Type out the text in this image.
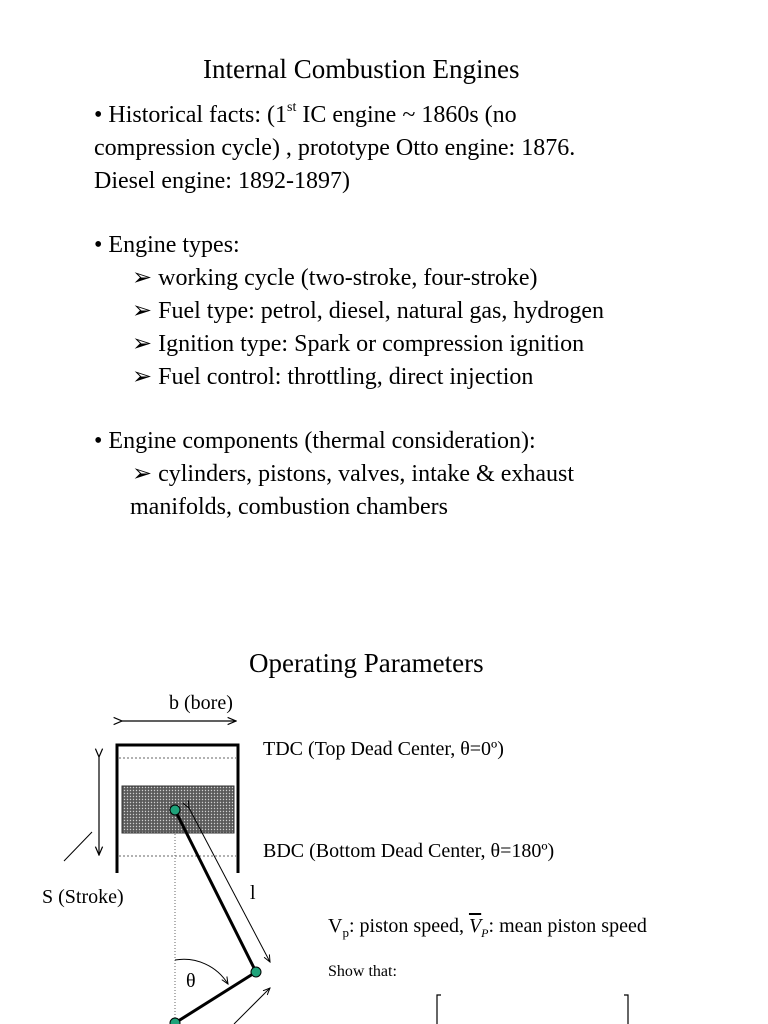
Internal Combustion Engines
• Historical facts: (1st IC engine ~ 1860s (no
compression cycle) , prototype Otto engine: 1876.
Diesel engine: 1892-1897)
• Engine types:
➢ working cycle (two-stroke, four-stroke)
➢ Fuel type: petrol, diesel, natural gas, hydrogen
➢ Ignition type: Spark or compression ignition
➢ Fuel control: throttling, direct injection
• Engine components (thermal consideration):
➢ cylinders, pistons, valves, intake & exhaust
manifolds, combustion chambers
Operating Parameters
b (bore)
TDC (Top Dead Center, θ=0º)
BDC (Bottom Dead Center, θ=180º)
S (Stroke)	l
θ
$V_p$: piston speed, $\overline{V}_P$: mean piston speed
Show that:
